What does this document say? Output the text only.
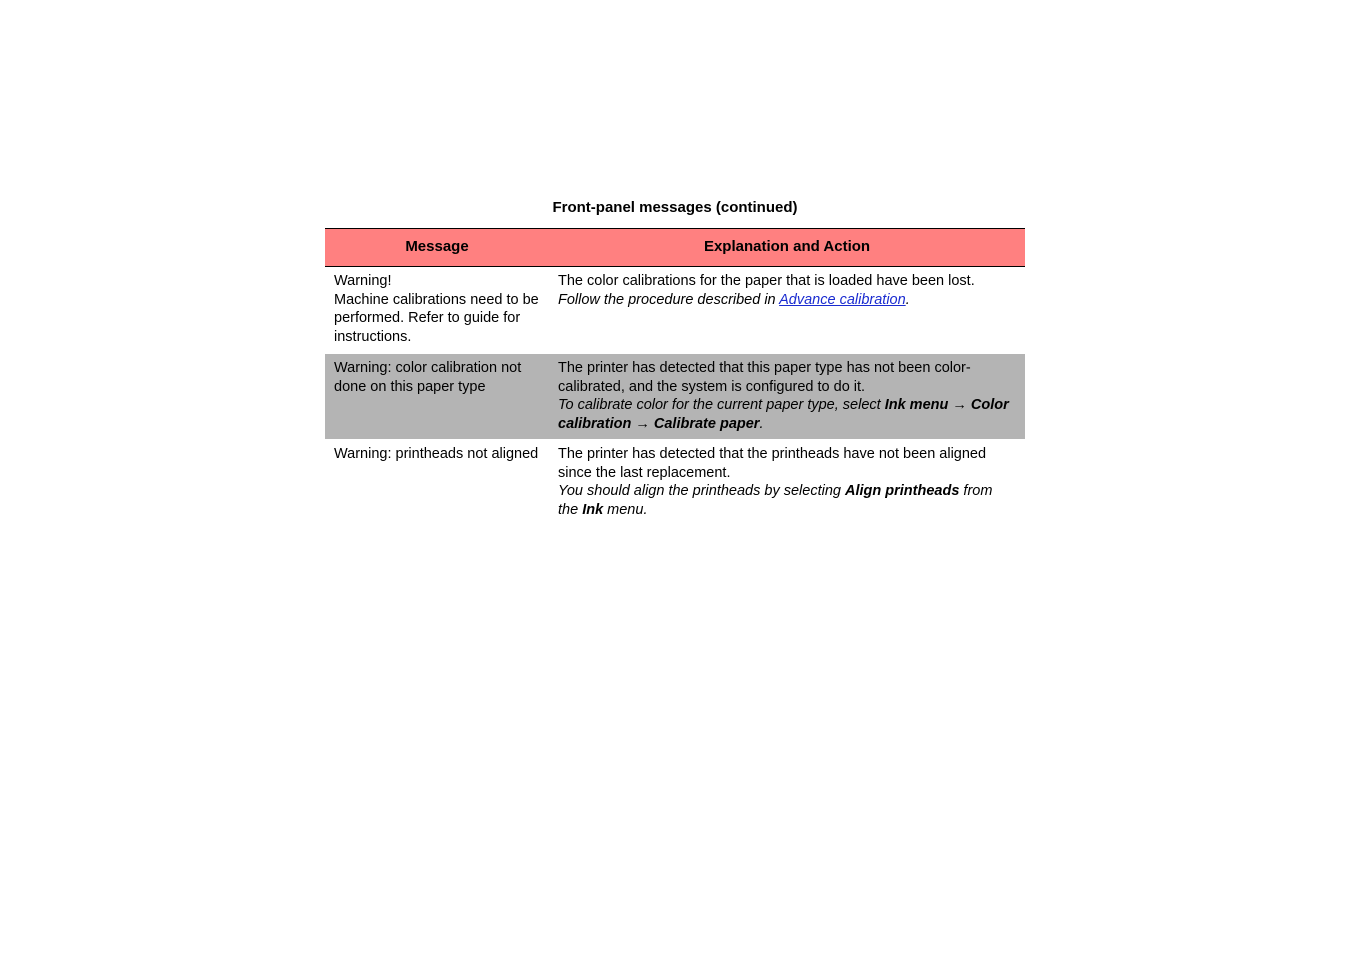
Front-panel messages (continued)
Message	Explanation and Action

Warning!
Machine calibrations need to be performed. Refer to guide for instructions.	The color calibrations for the paper that is loaded have been lost.
Follow the procedure described in Advance calibration.

Warning: color calibration not done on this paper type	The printer has detected that this paper type has not been color-calibrated, and the system is configured to do it.
To calibrate color for the current paper type, select Ink menu → Color calibration → Calibrate paper.

Warning: printheads not aligned	The printer has detected that the printheads have not been aligned since the last replacement.
You should align the printheads by selecting Align printheads from the Ink menu.
